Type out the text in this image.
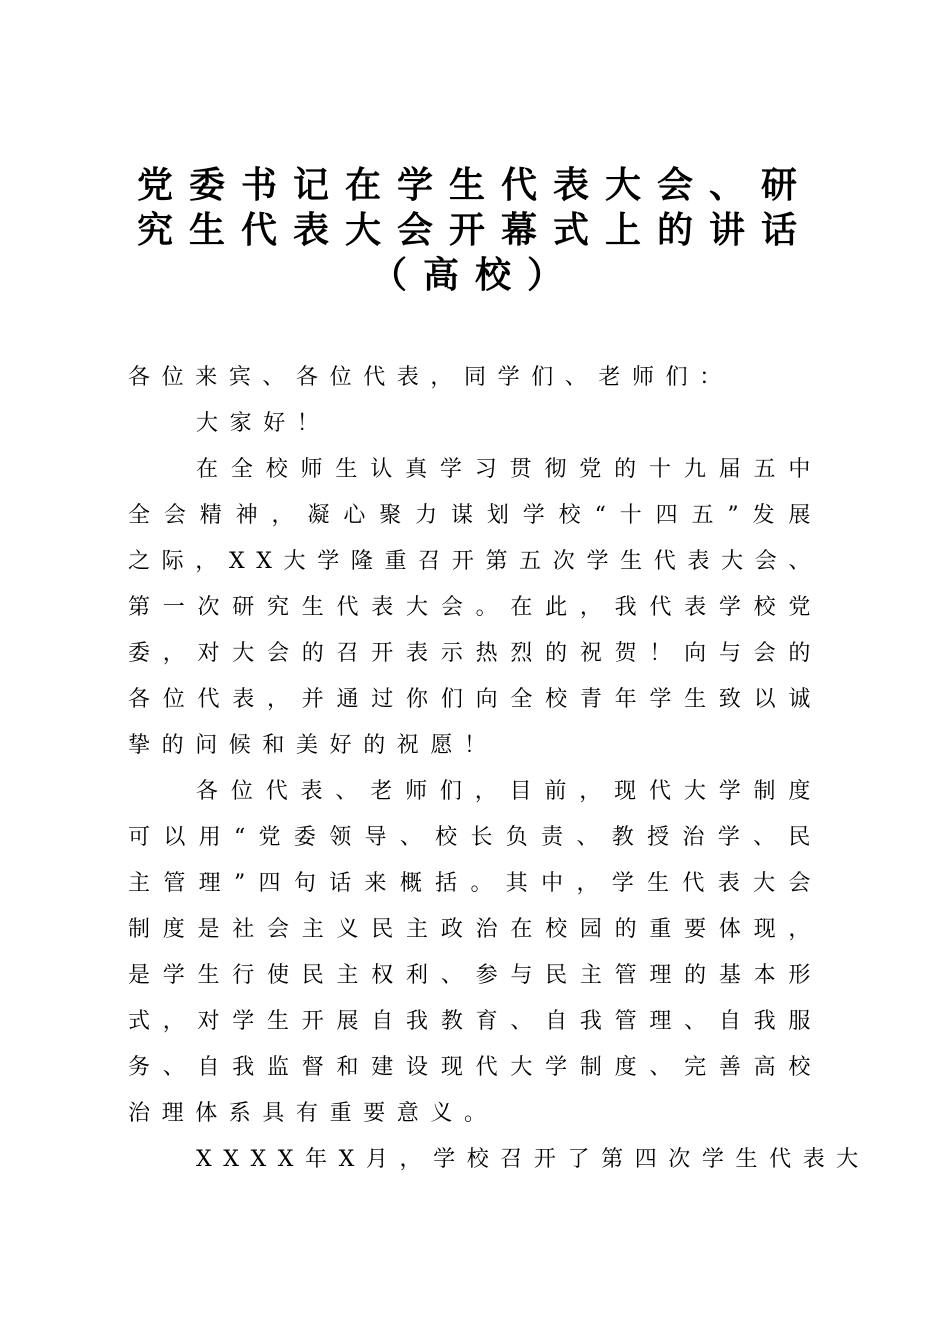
党委书记在学生代表大会、研
究生代表大会开幕式上的讲话
（高校）

各位来宾、各位代表，同学们、老师们：

大家好！

在全校师生认真学习贯彻党的十九届五中
全会精神，凝心聚力谋划学校“十四五”发展
之际，XX大学隆重召开第五次学生代表大会、
第一次研究生代表大会。在此，我代表学校党
委，对大会的召开表示热烈的祝贺！向与会的
各位代表，并通过你们向全校青年学生致以诚
挚的问候和美好的祝愿！

各位代表、老师们，目前，现代大学制度
可以用“党委领导、校长负责、教授治学、民
主管理”四句话来概括。其中，学生代表大会
制度是社会主义民主政治在校园的重要体现，
是学生行使民主权利、参与民主管理的基本形
式，对学生开展自我教育、自我管理、自我服
务、自我监督和建设现代大学制度、完善高校
治理体系具有重要意义。

XXXX年X月，学校召开了第四次学生代表大
